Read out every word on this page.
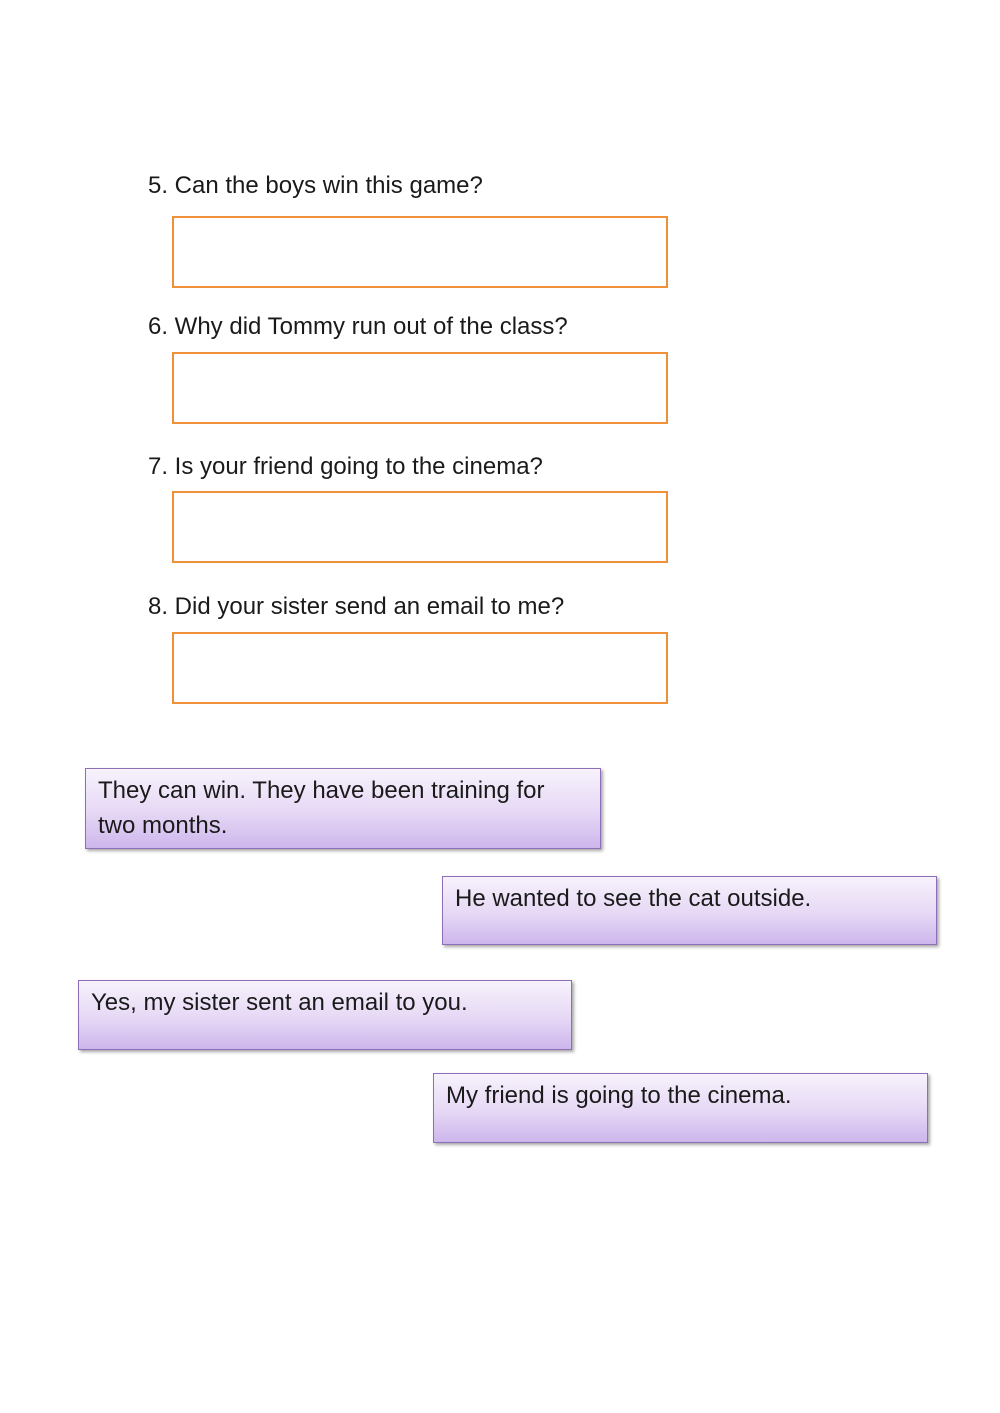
5. Can the boys win this game?
6. Why did Tommy run out of the class?
7. Is your friend going to the cinema?
8. Did your sister send an email to me?
They can win. They have been training for two months.
He wanted to see the cat outside.
Yes, my sister sent an email to you.
My friend is going to the cinema.
